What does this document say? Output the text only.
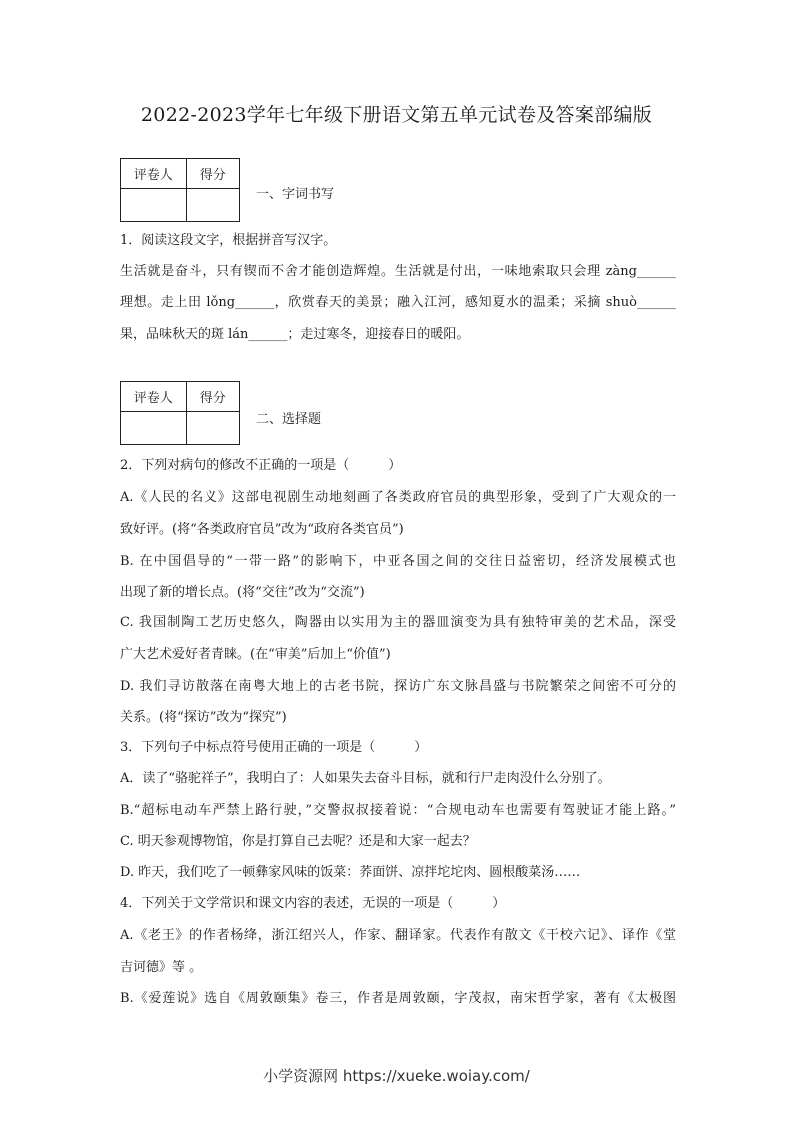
2022-2023学年七年级下册语文第五单元试卷及答案部编版
评卷人	得分

一、字词书写
1．阅读这段文字，根据拼音写汉字。
生活就是奋斗，只有锲而不舍才能创造辉煌。生活就是付出，一味地索取只会理 zàng______
理想。走上田 lǒng______，欣赏春天的美景；融入江河，感知夏水的温柔；采摘 shuò______
果，品味秋天的斑 lán______；走过寒冬，迎接春日的暖阳。
评卷人	得分

二、选择题
2．下列对病句的修改不正确的一项是（　　　）
A.《人民的名义》这部电视剧生动地刻画了各类政府官员的典型形象，受到了广大观众的一
致好评。(将“各类政府官员”改为“政府各类官员”)
B. 在中国倡导的“一带一路”的影响下，中亚各国之间的交往日益密切，经济发展模式也
出现了新的增长点。(将“交往”改为“交流”)
C. 我国制陶工艺历史悠久，陶器由以实用为主的器皿演变为具有独特审美的艺术品，深受
广大艺术爱好者青睐。(在“审美”后加上“价值”)
D. 我们寻访散落在南粤大地上的古老书院，探访广东文脉昌盛与书院繁荣之间密不可分的
关系。(将“探访”改为“探究”)
3．下列句子中标点符号使用正确的一项是（　　　）
A．读了“骆驼祥子”，我明白了：人如果失去奋斗目标，就和行尸走肉没什么分别了。
B.“超标电动车严禁上路行驶，”交警叔叔接着说：“合规电动车也需要有驾驶证才能上路。”
C. 明天参观博物馆，你是打算自己去呢？还是和大家一起去？
D. 昨天，我们吃了一顿彝家风味的饭菜：荞面饼、凉拌坨坨肉、圆根酸菜汤……
4．下列关于文学常识和课文内容的表述，无误的一项是（　　　）
A.《老王》的作者杨绛，浙江绍兴人，作家、翻译家。代表作有散文《干校六记》、译作《堂
吉诃德》等 。
B.《爱莲说》选自《周敦颐集》卷三，作者是周敦颐，字茂叔，南宋哲学家，著有《太极图
小学资源网 https://xueke.woiay.com/
